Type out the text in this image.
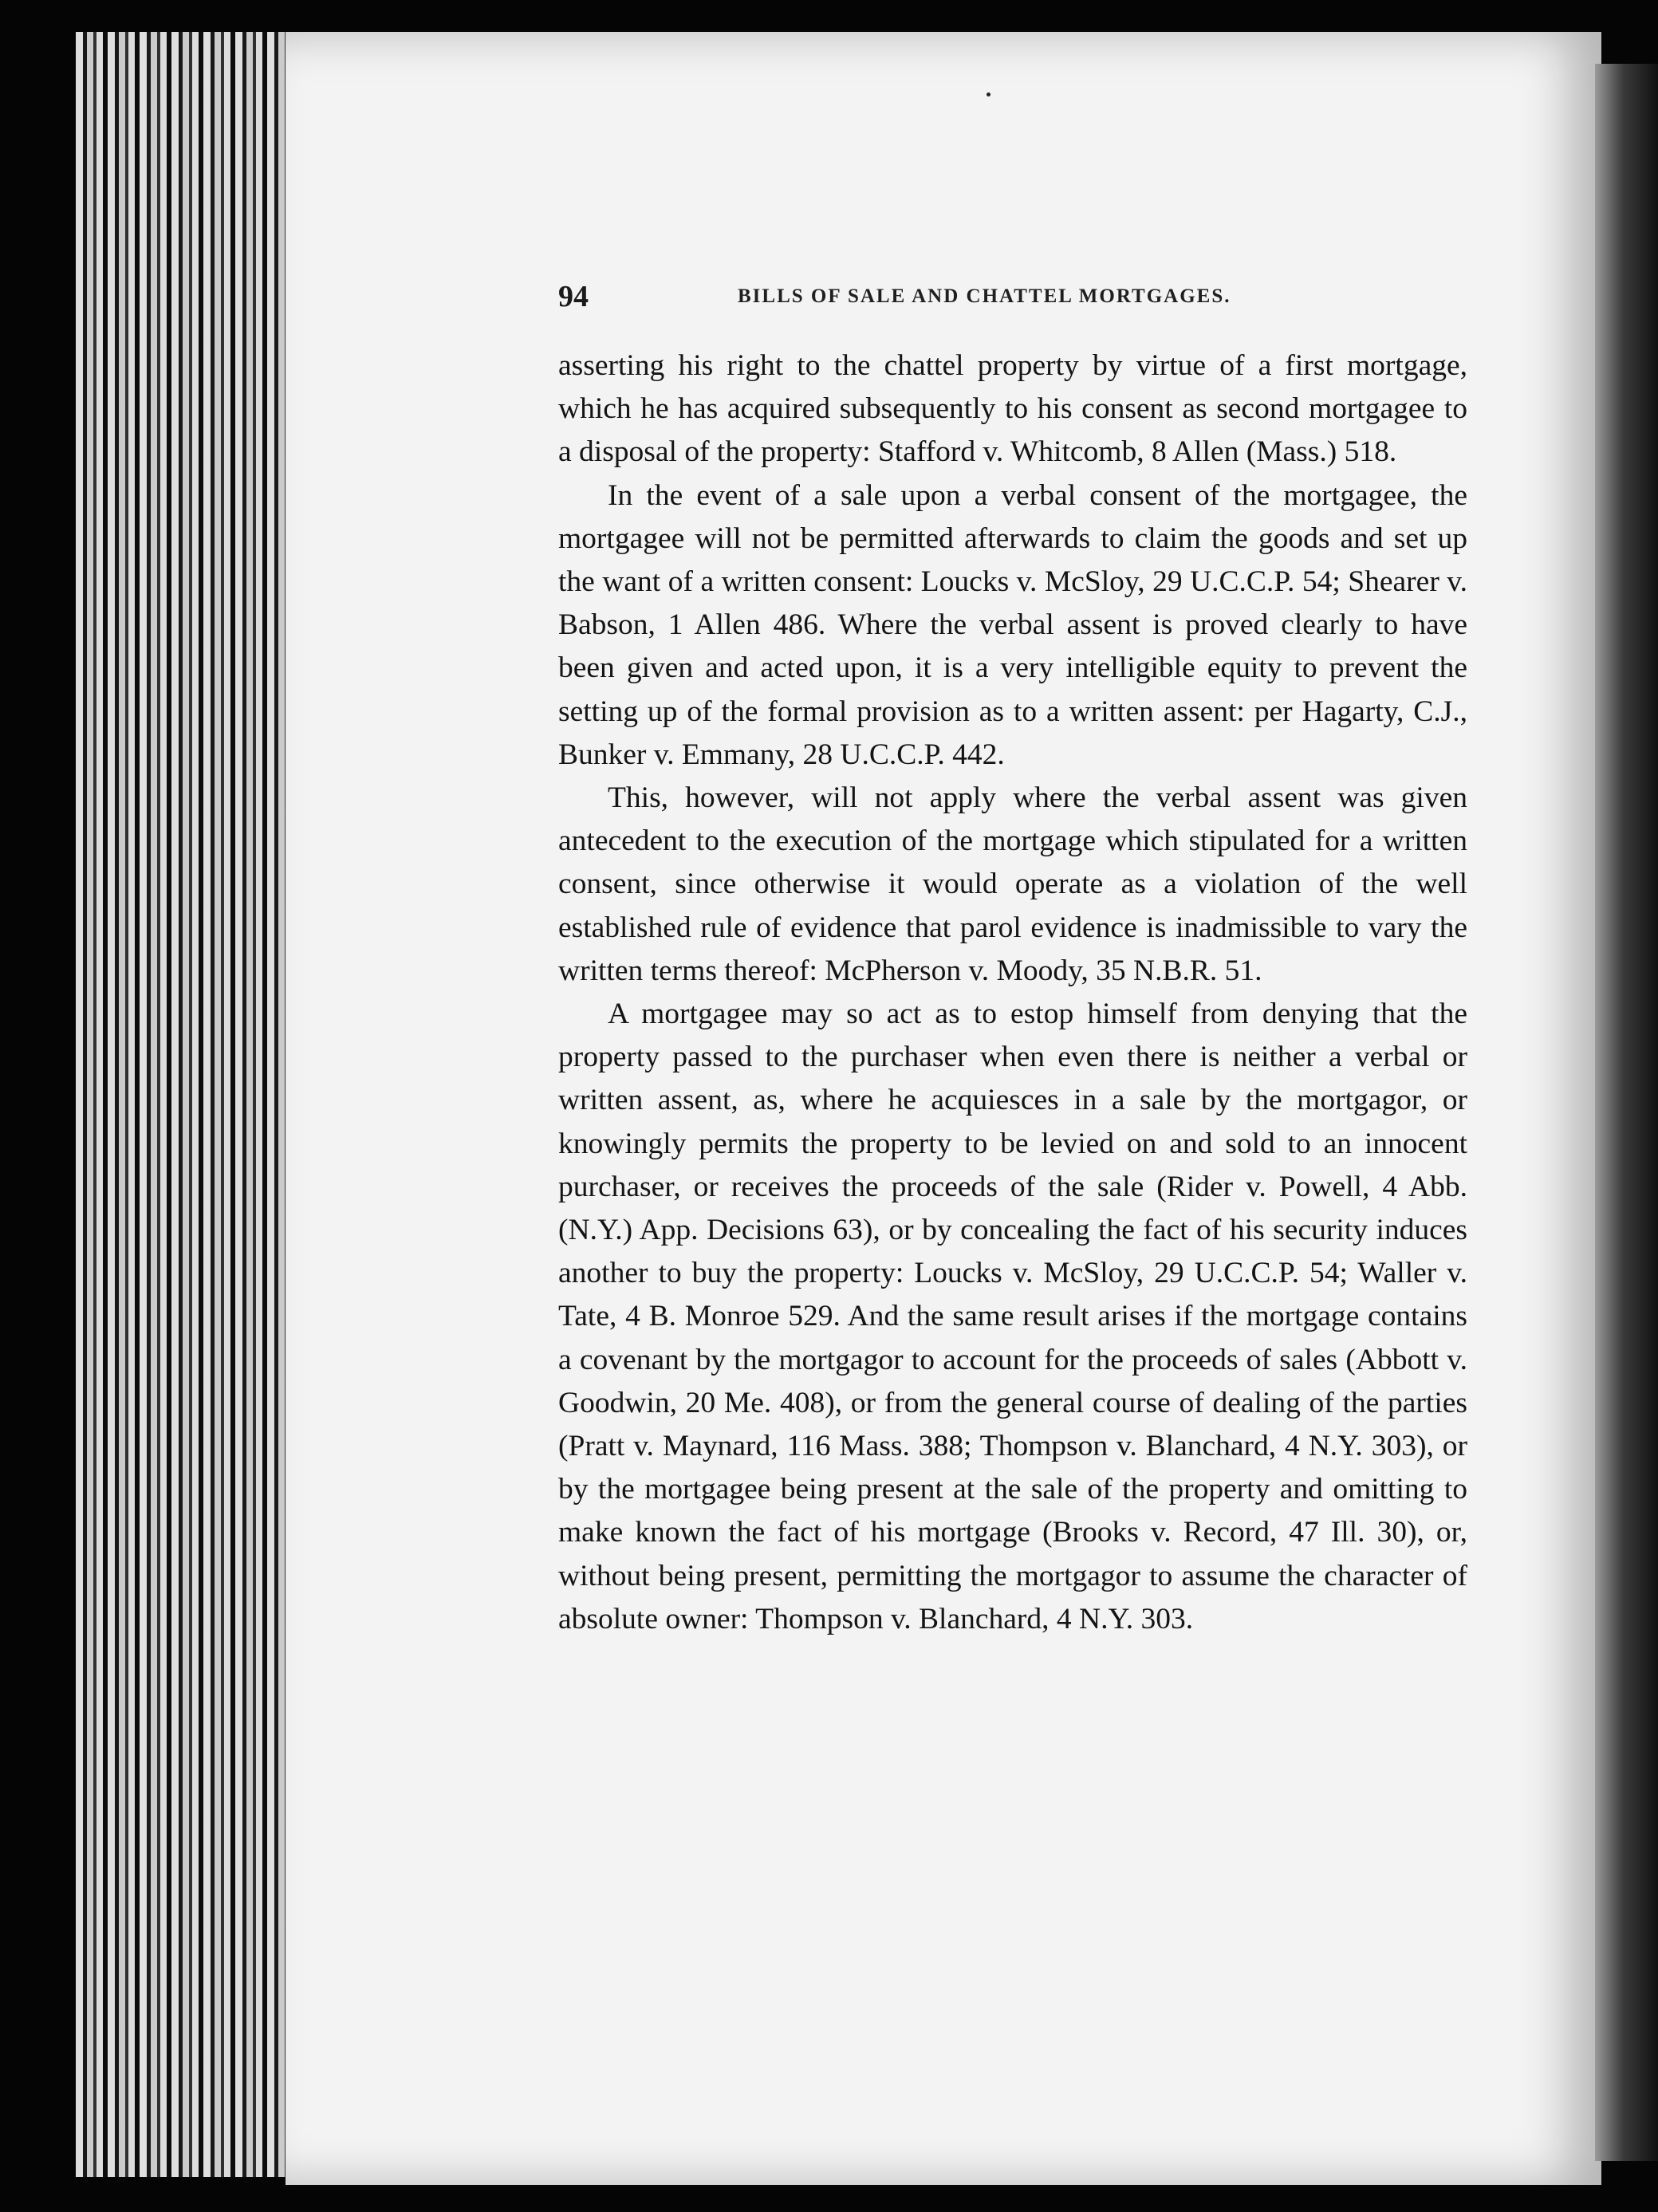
94	BILLS OF SALE AND CHATTEL MORTGAGES.

asserting his right to the chattel property by virtue of a first mortgage, which he has acquired subsequently to his consent as second mortgagee to a disposal of the property: Stafford v. Whitcomb, 8 Allen (Mass.) 518.

In the event of a sale upon a verbal consent of the mortgagee, the mortgagee will not be permitted afterwards to claim the goods and set up the want of a written consent: Loucks v. McSloy, 29 U.C.C.P. 54; Shearer v. Babson, 1 Allen 486. Where the verbal assent is proved clearly to have been given and acted upon, it is a very intelligible equity to prevent the setting up of the formal provision as to a written assent: per Hagarty, C.J., Bunker v. Emmany, 28 U.C.C.P. 442.

This, however, will not apply where the verbal assent was given antecedent to the execution of the mortgage which stipulated for a written consent, since otherwise it would operate as a violation of the well established rule of evidence that parol evidence is inadmissible to vary the written terms thereof: McPherson v. Moody, 35 N.B.R. 51.

A mortgagee may so act as to estop himself from denying that the property passed to the purchaser when even there is neither a verbal or written assent, as, where he acquiesces in a sale by the mortgagor, or knowingly permits the property to be levied on and sold to an innocent purchaser, or receives the proceeds of the sale (Rider v. Powell, 4 Abb. (N.Y.) App. Decisions 63), or by concealing the fact of his security induces another to buy the property: Loucks v. McSloy, 29 U.C.C.P. 54; Waller v. Tate, 4 B. Monroe 529. And the same result arises if the mortgage contains a covenant by the mortgagor to account for the proceeds of sales (Abbott v. Goodwin, 20 Me. 408), or from the general course of dealing of the parties (Pratt v. Maynard, 116 Mass. 388; Thompson v. Blanchard, 4 N.Y. 303), or by the mortgagee being present at the sale of the property and omitting to make known the fact of his mortgage (Brooks v. Record, 47 Ill. 30), or, without being present, permitting the mortgagor to assume the character of absolute owner: Thompson v. Blanchard, 4 N.Y. 303.
